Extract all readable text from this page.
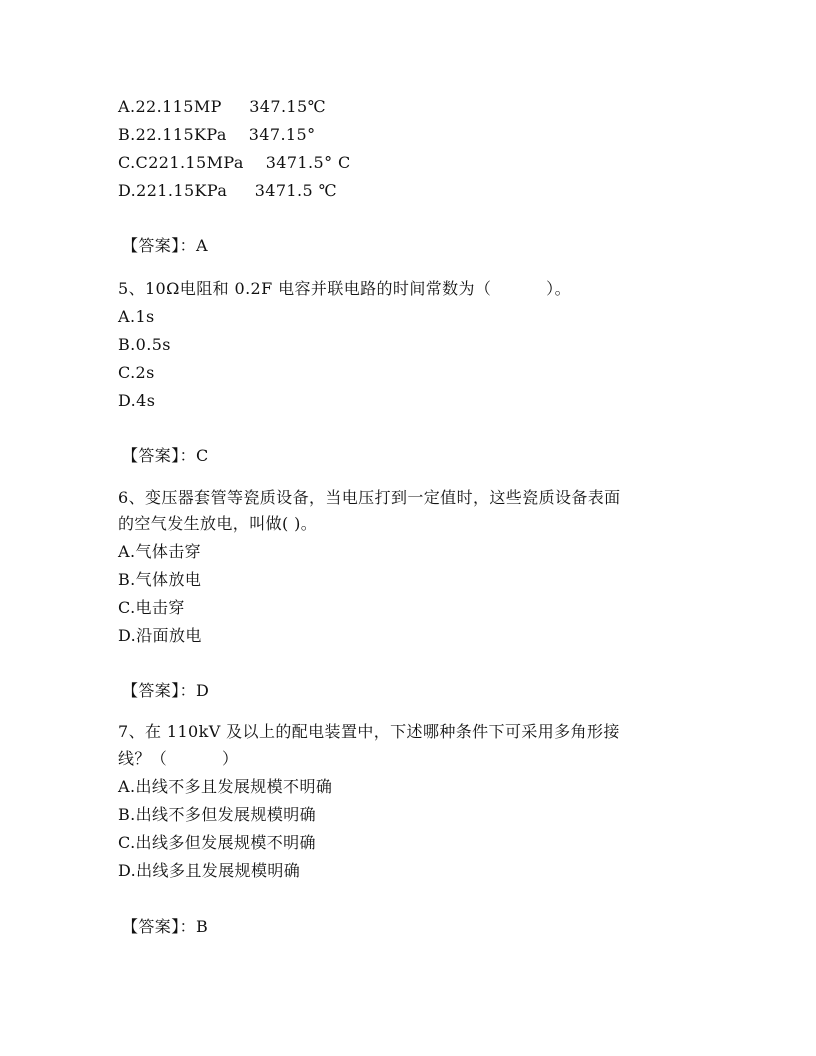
A.22.115MP     347.15℃
B.22.115KPa    347.15°
C.C221.15MPa    3471.5° C
D.221.15KPa     3471.5 ℃
【答案】：A
5、10Ω电阻和 0.2F 电容并联电路的时间常数为（          ）。
A.1s
B.0.5s
C.2s
D.4s
【答案】：C
6、变压器套管等瓷质设备，当电压打到一定值时，这些瓷质设备表面
的空气发生放电，叫做( )。
A.气体击穿
B.气体放电
C.电击穿
D.沿面放电
【答案】：D
7、在 110kV 及以上的配电装置中，下述哪种条件下可采用多角形接
线？（          ）
A.出线不多且发展规模不明确
B.出线不多但发展规模明确
C.出线多但发展规模不明确
D.出线多且发展规模明确
【答案】：B
